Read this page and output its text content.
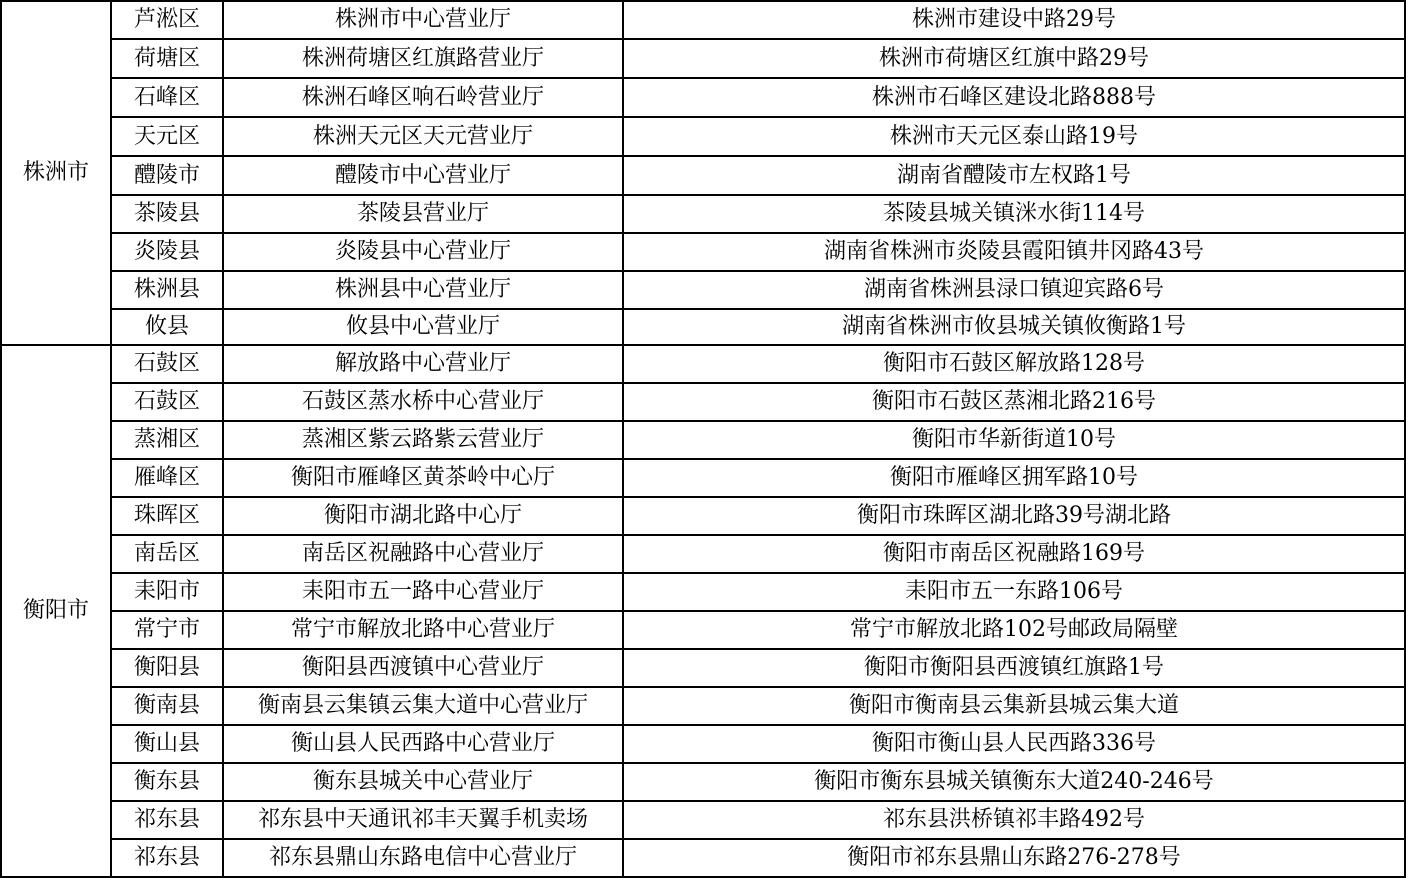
株洲市	芦淞区	株洲市中心营业厅	株洲市建设中路29号
	荷塘区	株洲荷塘区红旗路营业厅	株洲市荷塘区红旗中路29号
	石峰区	株洲石峰区响石岭营业厅	株洲市石峰区建设北路888号
	天元区	株洲天元区天元营业厅	株洲市天元区泰山路19号
	醴陵市	醴陵市中心营业厅	湖南省醴陵市左权路1号
	茶陵县	茶陵县营业厅	茶陵县城关镇洣水街114号
	炎陵县	炎陵县中心营业厅	湖南省株洲市炎陵县霞阳镇井冈路43号
	株洲县	株洲县中心营业厅	湖南省株洲县渌口镇迎宾路6号
	攸县	攸县中心营业厅	湖南省株洲市攸县城关镇攸衡路1号
衡阳市	石鼓区	解放路中心营业厅	衡阳市石鼓区解放路128号
	石鼓区	石鼓区蒸水桥中心营业厅	衡阳市石鼓区蒸湘北路216号
	蒸湘区	蒸湘区紫云路紫云营业厅	衡阳市华新街道10号
	雁峰区	衡阳市雁峰区黄茶岭中心厅	衡阳市雁峰区拥军路10号
	珠晖区	衡阳市湖北路中心厅	衡阳市珠晖区湖北路39号湖北路
	南岳区	南岳区祝融路中心营业厅	衡阳市南岳区祝融路169号
	耒阳市	耒阳市五一路中心营业厅	耒阳市五一东路106号
	常宁市	常宁市解放北路中心营业厅	常宁市解放北路102号邮政局隔壁
	衡阳县	衡阳县西渡镇中心营业厅	衡阳市衡阳县西渡镇红旗路1号
	衡南县	衡南县云集镇云集大道中心营业厅	衡阳市衡南县云集新县城云集大道
	衡山县	衡山县人民西路中心营业厅	衡阳市衡山县人民西路336号
	衡东县	衡东县城关中心营业厅	衡阳市衡东县城关镇衡东大道240-246号
	祁东县	祁东县中天通讯祁丰天翼手机卖场	祁东县洪桥镇祁丰路492号
	祁东县	祁东县鼎山东路电信中心营业厅	衡阳市祁东县鼎山东路276-278号
